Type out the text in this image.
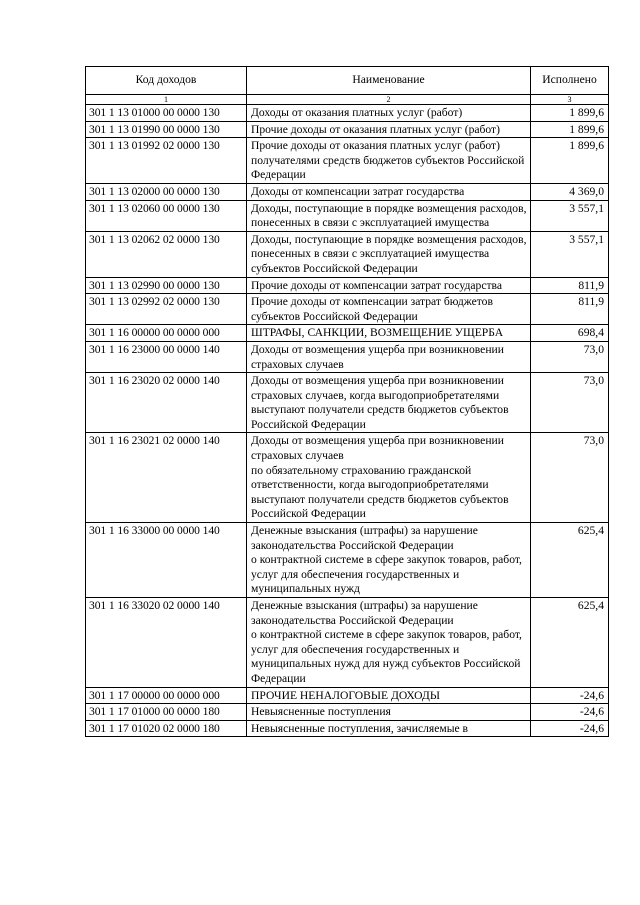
Код доходов	Наименование	Исполнено
1	2	3
301 1 13 01000 00 0000 130	Доходы от оказания платных услуг (работ)	1 899,6
301 1 13 01990 00 0000 130	Прочие доходы от оказания платных услуг (работ)	1 899,6
301 1 13 01992 02 0000 130	Прочие доходы от оказания платных услуг (работ) получателями средств бюджетов субъектов Российской Федерации	1 899,6
301 1 13 02000 00 0000 130	Доходы от компенсации затрат государства	4 369,0
301 1 13 02060 00 0000 130	Доходы, поступающие в порядке возмещения расходов, понесенных в связи с эксплуатацией имущества	3 557,1
301 1 13 02062 02 0000 130	Доходы, поступающие в порядке возмещения расходов, понесенных в связи с эксплуатацией имущества субъектов Российской Федерации	3 557,1
301 1 13 02990 00 0000 130	Прочие доходы от компенсации затрат государства	811,9
301 1 13 02992 02 0000 130	Прочие доходы от компенсации затрат бюджетов субъектов Российской Федерации	811,9
301 1 16 00000 00 0000 000	ШТРАФЫ, САНКЦИИ, ВОЗМЕЩЕНИЕ УЩЕРБА	698,4
301 1 16 23000 00 0000 140	Доходы от возмещения ущерба при возникновении страховых случаев	73,0
301 1 16 23020 02 0000 140	Доходы от возмещения ущерба при возникновении страховых случаев, когда выгодоприобретателями выступают получатели средств бюджетов субъектов Российской Федерации	73,0
301 1 16 23021 02 0000 140	Доходы от возмещения ущерба при возникновении страховых случаев
по обязательному страхованию гражданской ответственности, когда выгодоприобретателями выступают получатели средств бюджетов субъектов Российской Федерации	73,0
301 1 16 33000 00 0000 140	Денежные взыскания (штрафы) за нарушение законодательства Российской Федерации
о контрактной системе в сфере закупок товаров, работ, услуг для обеспечения государственных и муниципальных нужд	625,4
301 1 16 33020 02 0000 140	Денежные взыскания (штрафы) за нарушение законодательства Российской Федерации
о контрактной системе в сфере закупок товаров, работ, услуг для обеспечения государственных и муниципальных нужд для нужд субъектов Российской Федерации	625,4
301 1 17 00000 00 0000 000	ПРОЧИЕ НЕНАЛОГОВЫЕ ДОХОДЫ	-24,6
301 1 17 01000 00 0000 180	Невыясненные поступления	-24,6
301 1 17 01020 02 0000 180	Невыясненные поступления, зачисляемые в	-24,6
